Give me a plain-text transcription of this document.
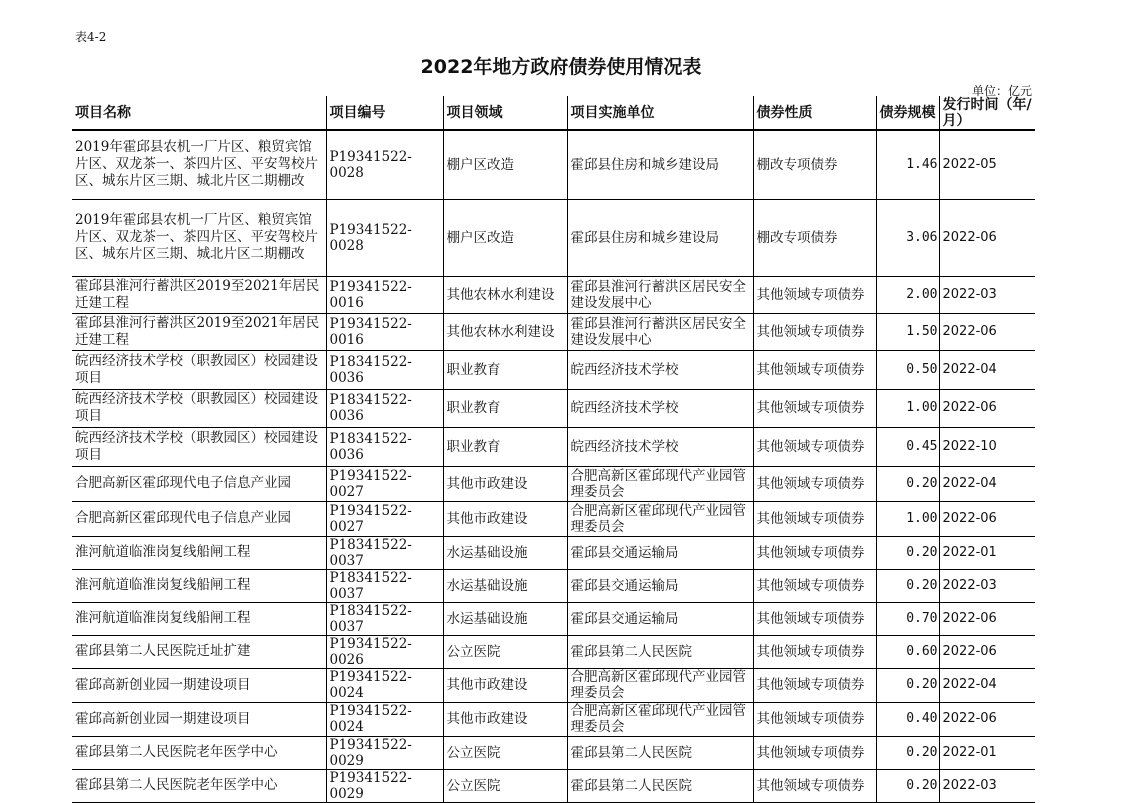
表4-2
2022年地方政府债券使用情况表
单位：亿元
项目名称	项目编号	项目领域	项目实施单位	债券性质	债券规模	发行时间（年/月）
2019年霍邱县农机一厂片区、粮贸宾馆片区、双龙茶一、茶四片区、平安驾校片区、城东片区三期、城北片区二期棚改	P19341522-0028	棚户区改造	霍邱县住房和城乡建设局	棚改专项债券	1.46	2022-05
2019年霍邱县农机一厂片区、粮贸宾馆片区、双龙茶一、茶四片区、平安驾校片区、城东片区三期、城北片区二期棚改	P19341522-0028	棚户区改造	霍邱县住房和城乡建设局	棚改专项债券	3.06	2022-06
霍邱县淮河行蓄洪区2019至2021年居民迁建工程	P19341522-0016	其他农林水利建设	霍邱县淮河行蓄洪区居民安全建设发展中心	其他领域专项债券	2.00	2022-03
霍邱县淮河行蓄洪区2019至2021年居民迁建工程	P19341522-0016	其他农林水利建设	霍邱县淮河行蓄洪区居民安全建设发展中心	其他领域专项债券	1.50	2022-06
皖西经济技术学校（职教园区）校园建设项目	P18341522-0036	职业教育	皖西经济技术学校	其他领域专项债券	0.50	2022-04
皖西经济技术学校（职教园区）校园建设项目	P18341522-0036	职业教育	皖西经济技术学校	其他领域专项债券	1.00	2022-06
皖西经济技术学校（职教园区）校园建设项目	P18341522-0036	职业教育	皖西经济技术学校	其他领域专项债券	0.45	2022-10
合肥高新区霍邱现代电子信息产业园	P19341522-0027	其他市政建设	合肥高新区霍邱现代产业园管理委员会	其他领域专项债券	0.20	2022-04
合肥高新区霍邱现代电子信息产业园	P19341522-0027	其他市政建设	合肥高新区霍邱现代产业园管理委员会	其他领域专项债券	1.00	2022-06
淮河航道临淮岗复线船闸工程	P18341522-0037	水运基础设施	霍邱县交通运输局	其他领域专项债券	0.20	2022-01
淮河航道临淮岗复线船闸工程	P18341522-0037	水运基础设施	霍邱县交通运输局	其他领域专项债券	0.20	2022-03
淮河航道临淮岗复线船闸工程	P18341522-0037	水运基础设施	霍邱县交通运输局	其他领域专项债券	0.70	2022-06
霍邱县第二人民医院迁址扩建	P19341522-0026	公立医院	霍邱县第二人民医院	其他领域专项债券	0.60	2022-06
霍邱高新创业园一期建设项目	P19341522-0024	其他市政建设	合肥高新区霍邱现代产业园管理委员会	其他领域专项债券	0.20	2022-04
霍邱高新创业园一期建设项目	P19341522-0024	其他市政建设	合肥高新区霍邱现代产业园管理委员会	其他领域专项债券	0.40	2022-06
霍邱县第二人民医院老年医学中心	P19341522-0029	公立医院	霍邱县第二人民医院	其他领域专项债券	0.20	2022-01
霍邱县第二人民医院老年医学中心	P19341522-0029	公立医院	霍邱县第二人民医院	其他领域专项债券	0.20	2022-03
